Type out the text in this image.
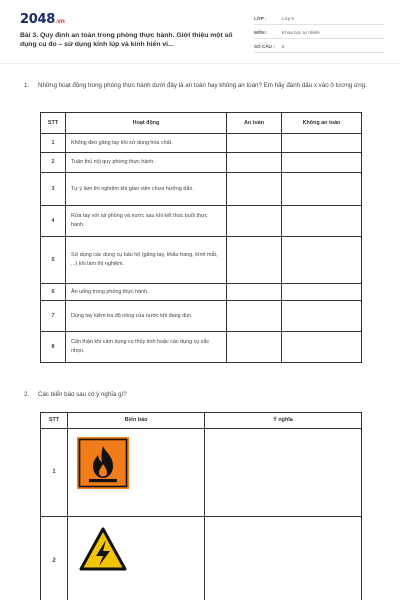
2048.vn
Bài 3. Quy định an toàn trong phòng thực hành. Giới thiệu một số dụng cụ đo – sử dụng kính lúp và kính hiển vi...
LỚP :	Lớp 6
MÔN :	Khoa học tự nhiên
SỐ CÂU : 6
1.	Những hoạt động trong phòng thực hành dưới đây là an toàn hay không an toàn? Em hãy đánh dấu x vào ô tương ứng.
STT	Hoạt động	An toàn	Không an toàn
1	Không đeo găng tay khi sử dụng hóa chất.		
2	Tuân thủ nội quy phòng thực hành.		
3	Tự ý làm thí nghiệm khi giáo viên chưa hướng dẫn.		
4	Rửa tay với xà phòng và nước sau khi kết thúc buổi thực hành.		
5	Sử dụng các dụng cụ bảo hộ (găng tay, khẩu trang, kính mắt, ...) khi làm thí nghiệm.		
6	Ăn uống trong phòng thực hành.		
7	Dùng tay kiểm tra độ nóng của nước khi đang đun.		
8	Cẩn thận khi cầm dụng cụ thủy tinh hoặc các dụng cụ sắc nhọn.		
2.	Các biển báo sau có ý nghĩa gì?
STT	Biển báo	Ý nghĩa
1		
2		
